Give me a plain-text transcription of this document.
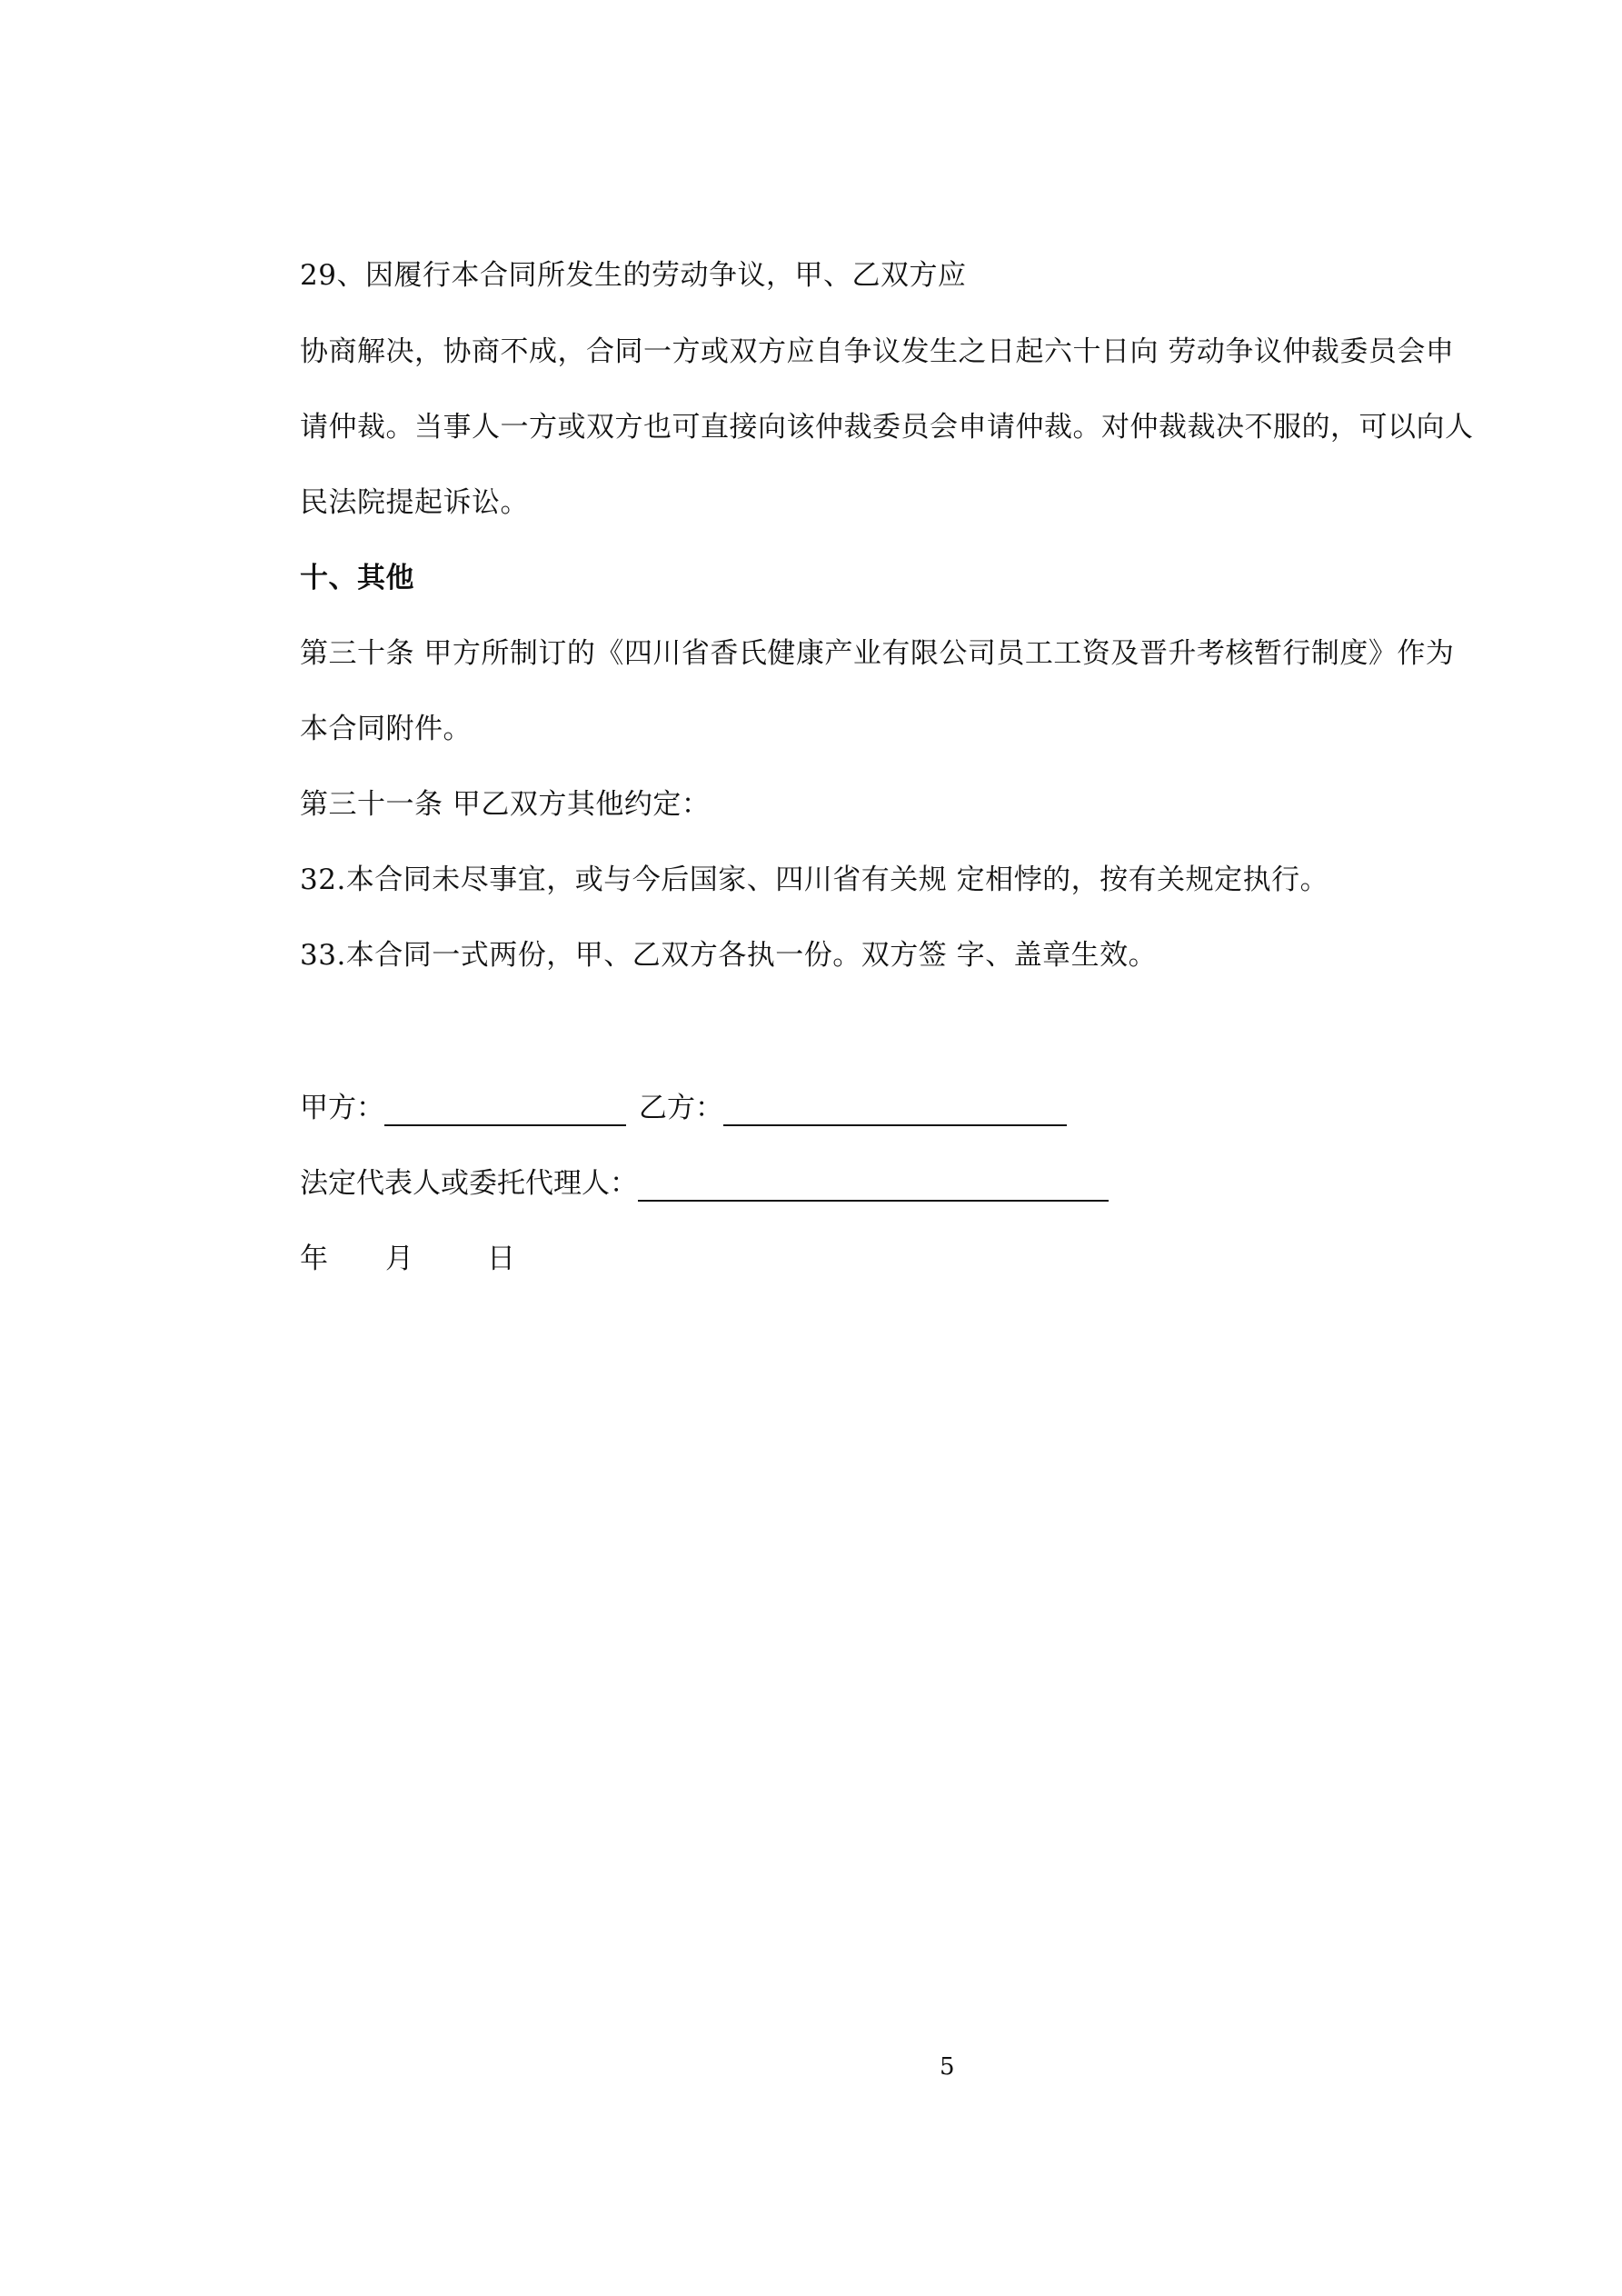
29、因履行本合同所发生的劳动争议，甲、乙双方应
协商解决，协商不成，合同一方或双方应自争议发生之日起六十日向 劳动争议仲裁委员会申
请仲裁。当事人一方或双方也可直接向该仲裁委员会申请仲裁。对仲裁裁决不服的，可以向人
民法院提起诉讼。
十、其他
第三十条 甲方所制订的《四川省香氏健康产业有限公司员工工资及晋升考核暂行制度》作为
本合同附件。
第三十一条 甲乙双方其他约定：
32.本合同未尽事宜，或与今后国家、四川省有关规 定相悖的，按有关规定执行。
33.本合同一式两份，甲、乙双方各执一份。双方签 字、盖章生效。
甲方：	乙方：
法定代表人或委托代理人：
年	月	日
5
